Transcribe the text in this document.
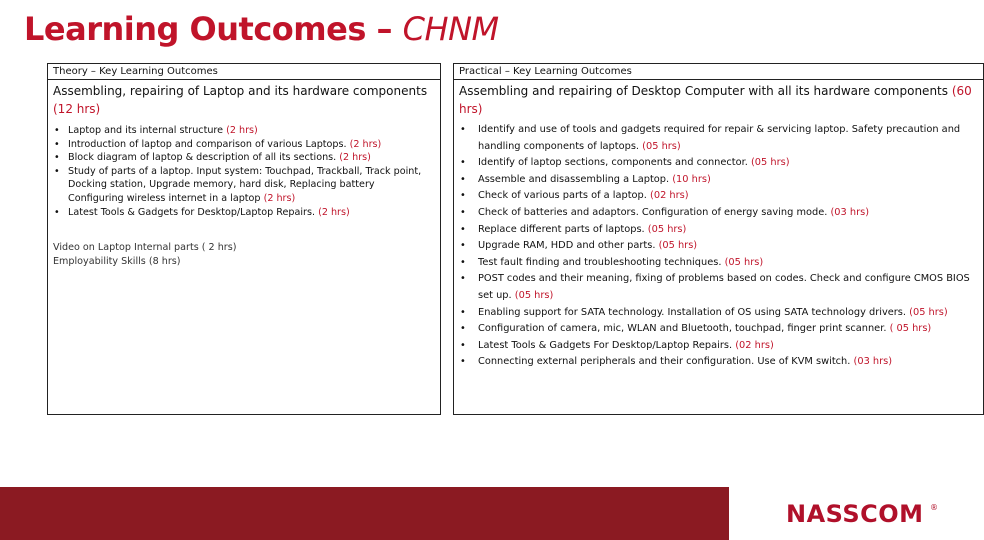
Learning Outcomes – CHNM
Theory – Key Learning Outcomes
Assembling, repairing of Laptop and its hardware components (12 hrs)
• Laptop and its internal structure (2 hrs)
• Introduction of laptop and comparison of various Laptops. (2 hrs)
• Block diagram of laptop & description of all its sections. (2 hrs)
• Study of parts of a laptop. Input system: Touchpad, Trackball, Track point, Docking station, Upgrade memory, hard disk, Replacing battery Configuring wireless internet in a laptop (2 hrs)
• Latest Tools & Gadgets for Desktop/Laptop Repairs. (2 hrs)
Video on Laptop Internal parts ( 2 hrs)
Employability Skills (8 hrs)
Practical – Key Learning Outcomes
Assembling and repairing of Desktop Computer with all its hardware components (60 hrs)
• Identify and use of tools and gadgets required for repair & servicing laptop. Safety precaution and handling components of laptops. (05 hrs)
• Identify of laptop sections, components and connector. (05 hrs)
• Assemble and disassembling a Laptop. (10 hrs)
• Check of various parts of a laptop. (02 hrs)
• Check of batteries and adaptors. Configuration of energy saving mode. (03 hrs)
• Replace different parts of laptops. (05 hrs)
• Upgrade RAM, HDD and other parts. (05 hrs)
• Test fault finding and troubleshooting techniques. (05 hrs)
• POST codes and their meaning, fixing of problems based on codes. Check and configure CMOS BIOS set up. (05 hrs)
• Enabling support for SATA technology. Installation of OS using SATA technology drivers. (05 hrs)
• Configuration of camera, mic, WLAN and Bluetooth, touchpad, finger print scanner. ( 05 hrs)
• Latest Tools & Gadgets For Desktop/Laptop Repairs. (02 hrs)
• Connecting external peripherals and their configuration. Use of KVM switch. (03 hrs)
NASSCOM ®
